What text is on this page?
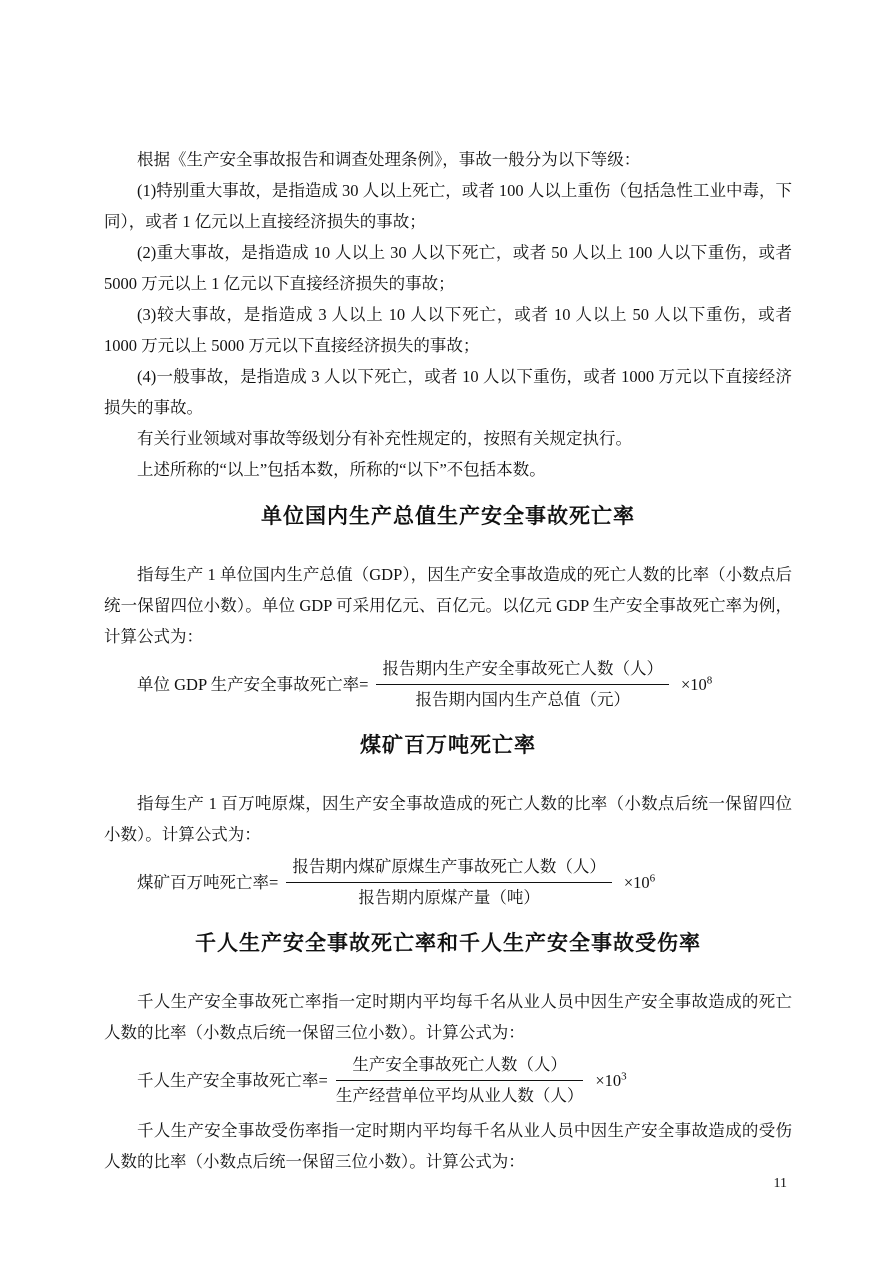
根据《生产安全事故报告和调查处理条例》，事故一般分为以下等级：

(1)特别重大事故，是指造成 30 人以上死亡，或者 100 人以上重伤（包括急性工业中毒，下同），或者 1 亿元以上直接经济损失的事故；

(2)重大事故，是指造成 10 人以上 30 人以下死亡，或者 50 人以上 100 人以下重伤，或者 5000 万元以上 1 亿元以下直接经济损失的事故；

(3)较大事故，是指造成 3 人以上 10 人以下死亡，或者 10 人以上 50 人以下重伤，或者 1000 万元以上 5000 万元以下直接经济损失的事故；

(4)一般事故，是指造成 3 人以下死亡，或者 10 人以下重伤，或者 1000 万元以下直接经济损失的事故。

有关行业领域对事故等级划分有补充性规定的，按照有关规定执行。

上述所称的“以上”包括本数，所称的“以下”不包括本数。

单位国内生产总值生产安全事故死亡率

指每生产 1 单位国内生产总值（GDP），因生产安全事故造成的死亡人数的比率（小数点后统一保留四位小数）。单位 GDP 可采用亿元、百亿元。以亿元 GDP 生产安全事故死亡率为例，计算公式为：

单位 GDP 生产安全事故死亡率= $\frac{\text{报告期内生产安全事故死亡人数（人）}}{\text{报告期内国内生产总值（元）}} \times 10^8$
煤矿百万吨死亡率

指每生产 1 百万吨原煤，因生产安全事故造成的死亡人数的比率（小数点后统一保留四位小数）。计算公式为：

煤矿百万吨死亡率= $\frac{\text{报告期内煤矿原煤生产事故死亡人数（人）}}{\text{报告期内原煤产量（吨）}} \times 10^6$
千人生产安全事故死亡率和千人生产安全事故受伤率

千人生产安全事故死亡率指一定时期内平均每千名从业人员中因生产安全事故造成的死亡人数的比率（小数点后统一保留三位小数）。计算公式为：

千人生产安全事故死亡率= $\frac{\text{生产安全事故死亡人数（人）}}{\text{生产经营单位平均从业人数（人）}} \times 10^3$

千人生产安全事故受伤率指一定时期内平均每千名从业人员中因生产安全事故造成的受伤人数的比率（小数点后统一保留三位小数）。计算公式为：

11
